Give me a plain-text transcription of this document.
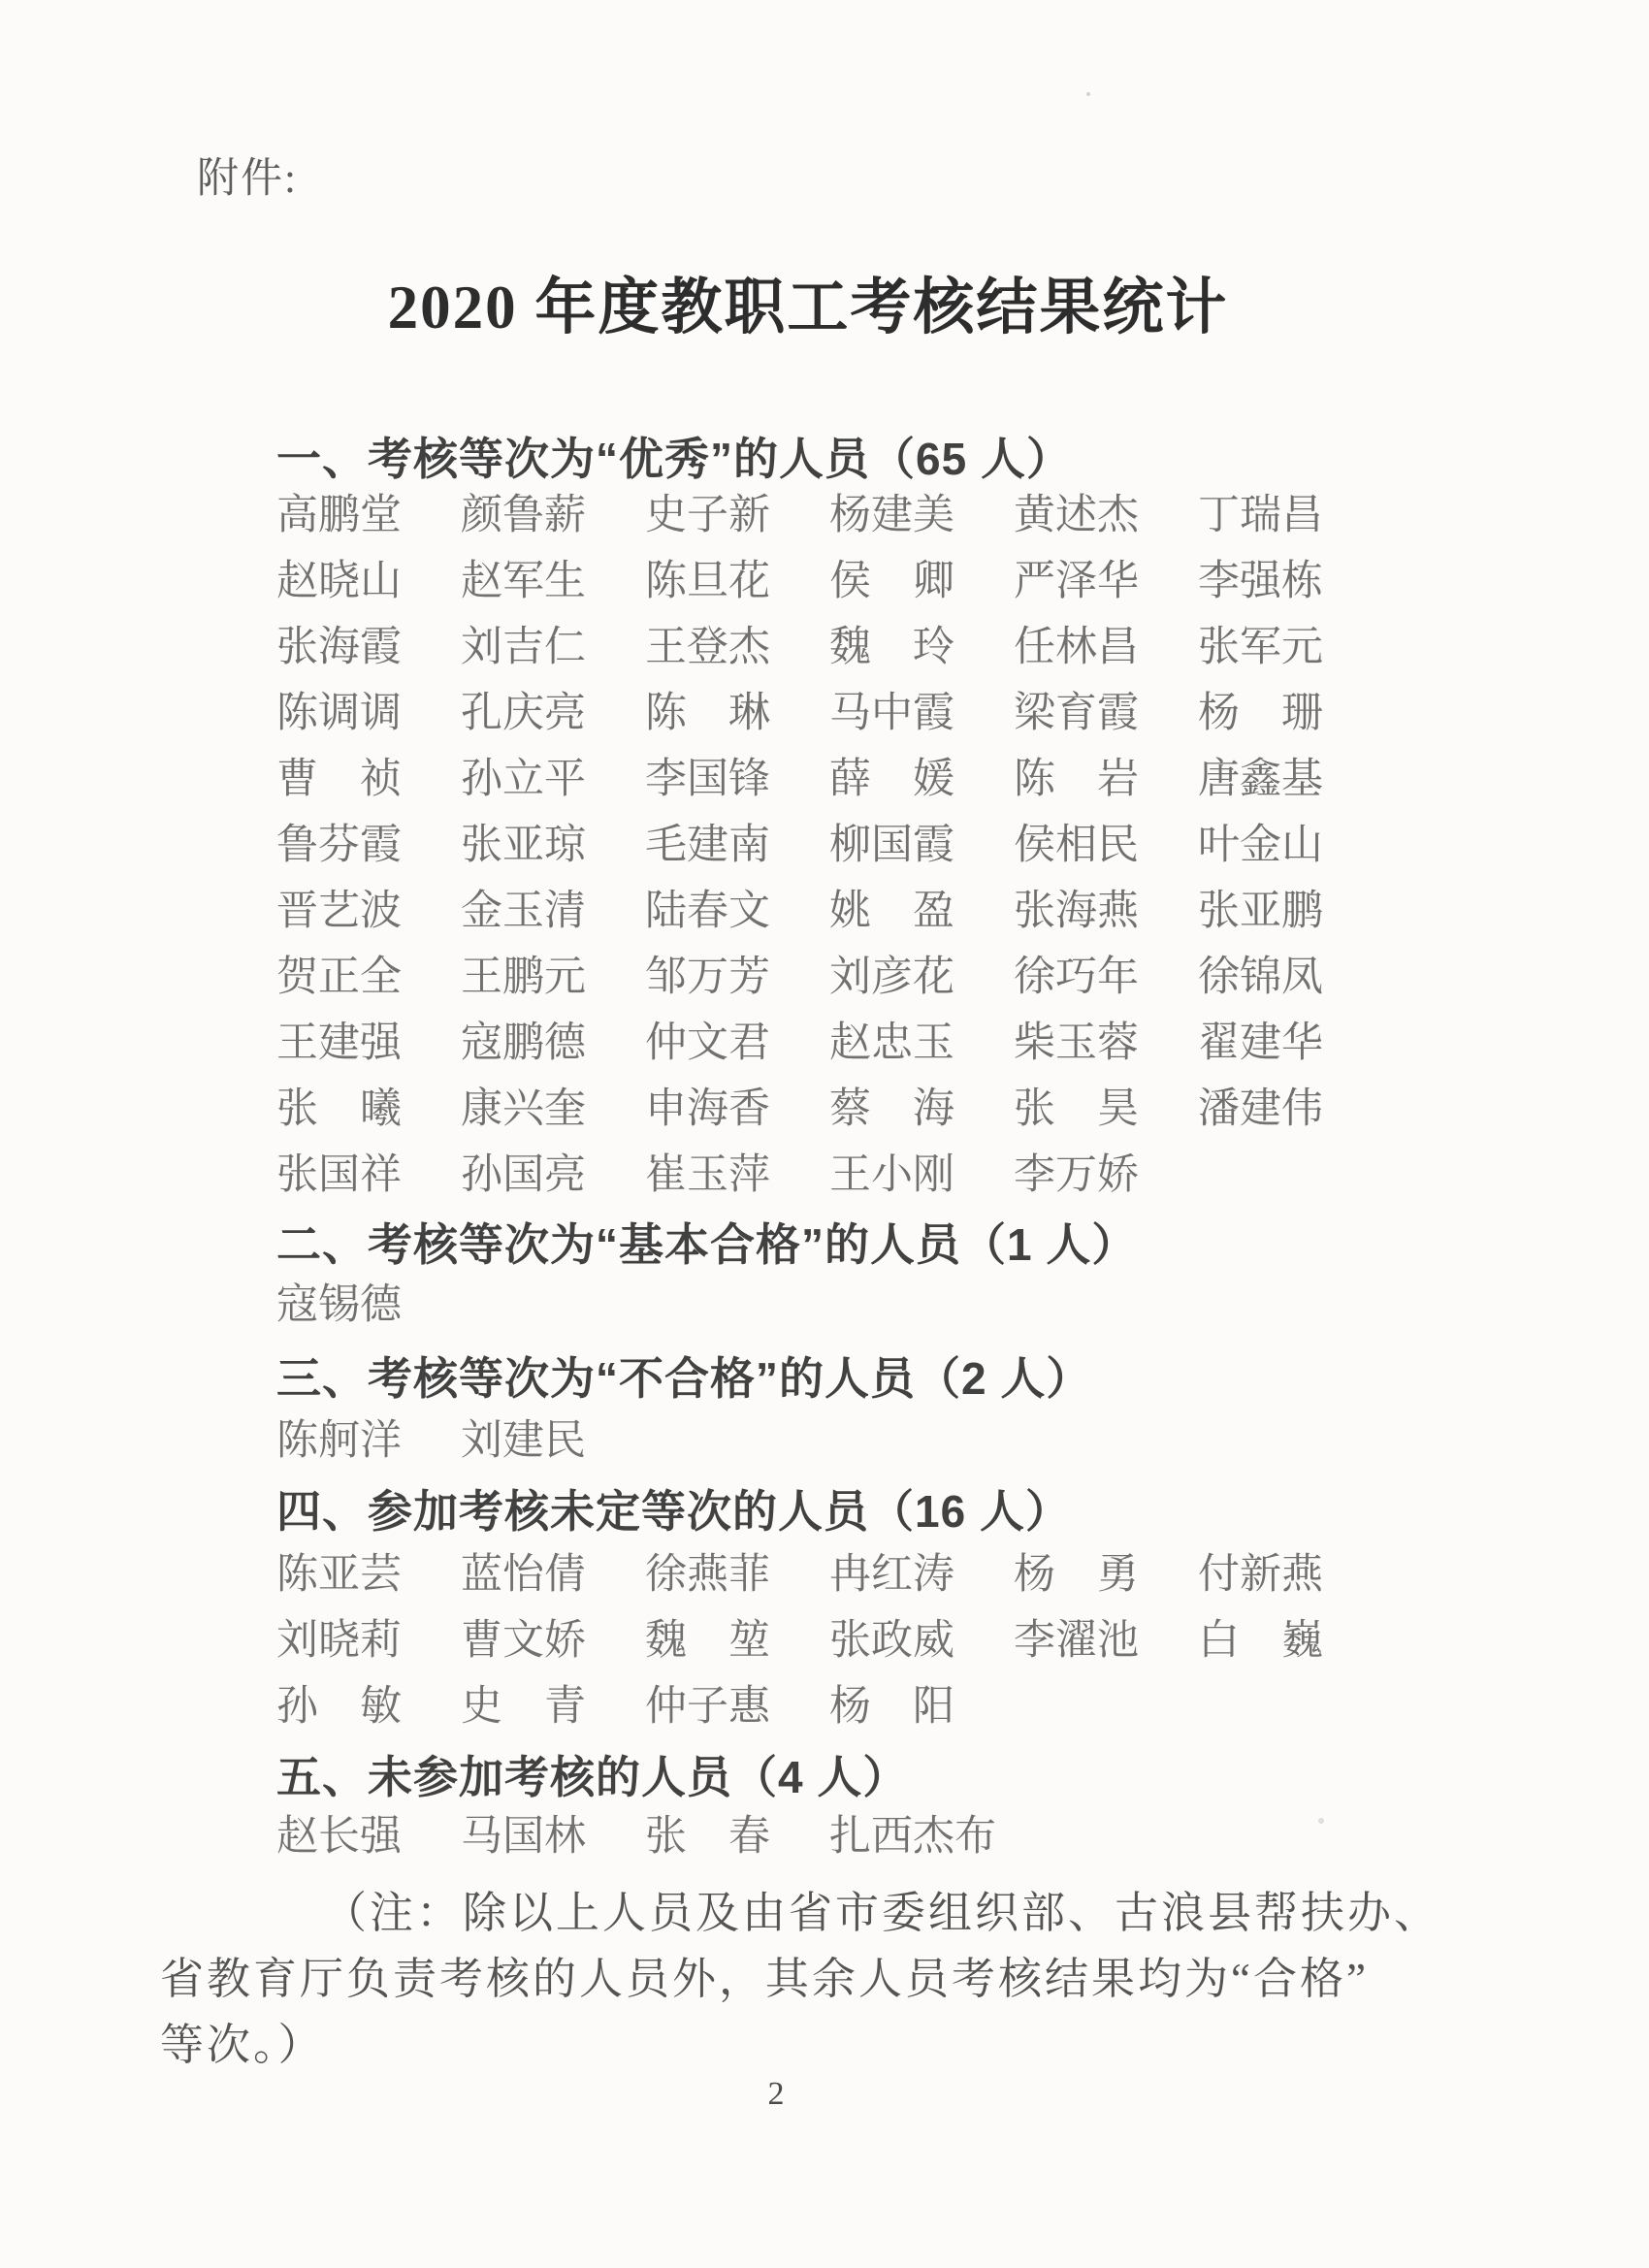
附件:
2020 年度教职工考核结果统计
一、考核等次为“优秀”的人员（65 人）
高鹏堂	颜鲁薪	史子新	杨建美	黄述杰	丁瑞昌
赵晓山	赵军生	陈旦花	侯　卿	严泽华	李强栋
张海霞	刘吉仁	王登杰	魏　玲	任林昌	张军元
陈调调	孔庆亮	陈　琳	马中霞	梁育霞	杨　珊
曹　祯	孙立平	李国锋	薛　媛	陈　岩	唐鑫基
鲁芬霞	张亚琼	毛建南	柳国霞	侯相民	叶金山
晋艺波	金玉清	陆春文	姚　盈	张海燕	张亚鹏
贺正全	王鹏元	邹万芳	刘彦花	徐巧年	徐锦凤
王建强	寇鹏德	仲文君	赵忠玉	柴玉蓉	翟建华
张　曦	康兴奎	申海香	蔡　海	张　昊	潘建伟
张国祥	孙国亮	崔玉萍	王小刚	李万娇
二、考核等次为“基本合格”的人员（1 人）
寇锡德
三、考核等次为“不合格”的人员（2 人）
陈舸洋	刘建民
四、参加考核未定等次的人员（16 人）
陈亚芸	蓝怡倩	徐燕菲	冉红涛	杨　勇	付新燕
刘晓莉	曹文娇	魏　堃	张政威	李濯池	白　巍
孙　敏	史　青	仲子惠	杨　阳
五、未参加考核的人员（4 人）
赵长强	马国林	张　春	扎西杰布
（注：除以上人员及由省市委组织部、古浪县帮扶办、
省教育厅负责考核的人员外，其余人员考核结果均为“合格”
等次。）
2
